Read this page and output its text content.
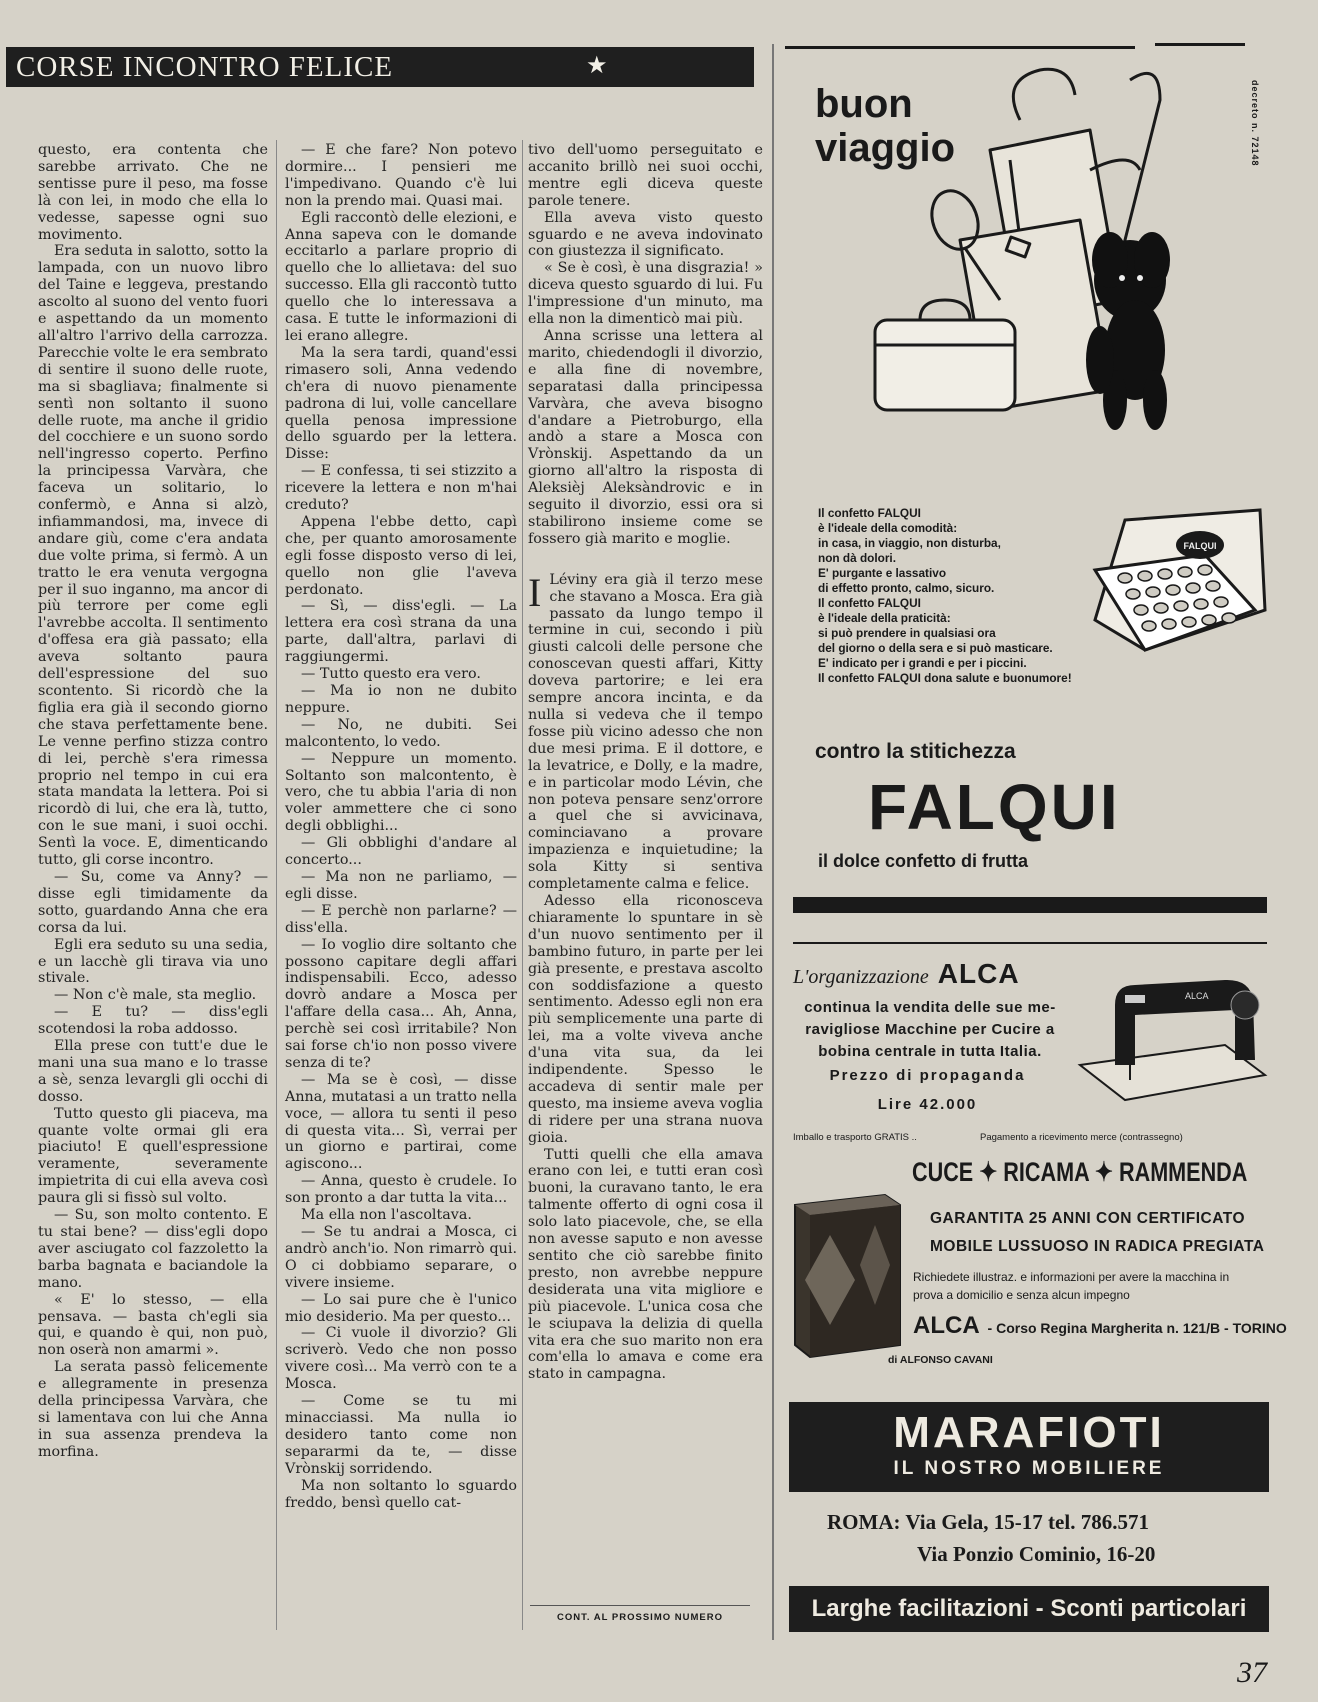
CORSE INCONTRO FELICE	★

questo, era contenta che sarebbe arrivato. Che ne sentisse pure il peso, ma fosse là con lei, in modo che ella lo vedesse, sapesse ogni suo movimento.

Era seduta in salotto, sotto la lampada, con un nuovo libro del Taine e leggeva, prestando ascolto al suono del vento fuori e aspettando da un momento all'altro l'arrivo della carrozza. Parecchie volte le era sembrato di sentire il suono delle ruote, ma si sbagliava; finalmente si sentì non soltanto il suono delle ruote, ma anche il gridio del cocchiere e un suono sordo nell'ingresso coperto. Perfino la principessa Varvàra, che faceva un solitario, lo confermò, e Anna si alzò, infiammandosi, ma, invece di andare giù, come c'era andata due volte prima, si fermò. A un tratto le era venuta vergogna per il suo inganno, ma ancor di più terrore per come egli l'avrebbe accolta. Il sentimento d'offesa era già passato; ella aveva soltanto paura dell'espressione del suo scontento. Si ricordò che la figlia era già il secondo giorno che stava perfettamente bene. Le venne perfino stizza contro di lei, perchè s'era rimessa proprio nel tempo in cui era stata mandata la lettera. Poi si ricordò di lui, che era là, tutto, con le sue mani, i suoi occhi. Sentì la voce. E, dimenticando tutto, gli corse incontro.

— Su, come va Anny? — disse egli timidamente da sotto, guardando Anna che era corsa da lui.

Egli era seduto su una sedia, e un lacchè gli tirava via uno stivale.

— Non c'è male, sta meglio.

— E tu? — diss'egli scotendosi la roba addosso.

Ella prese con tutt'e due le mani una sua mano e lo trasse a sè, senza levargli gli occhi di dosso.

Tutto questo gli piaceva, ma quante volte ormai gli era piaciuto! E quell'espressione veramente, severamente impietrita di cui ella aveva così paura gli si fissò sul volto.

— Su, son molto contento. E tu stai bene? — diss'egli dopo aver asciugato col fazzoletto la barba bagnata e baciandole la mano.

« E' lo stesso, — ella pensava. — basta ch'egli sia qui, e quando è qui, non può, non oserà non amarmi ».

La serata passò felicemente e allegramente in presenza della principessa Varvàra, che si lamentava con lui che Anna in sua assenza prendeva la morfina.

— E che fare? Non potevo dormire... I pensieri me l'impedivano. Quando c'è lui non la prendo mai. Quasi mai.

Egli raccontò delle elezioni, e Anna sapeva con le domande eccitarlo a parlare proprio di quello che lo allietava: del suo successo. Ella gli raccontò tutto quello che lo interessava a casa. E tutte le informazioni di lei erano allegre.

Ma la sera tardi, quand'essi rimasero soli, Anna vedendo ch'era di nuovo pienamente padrona di lui, volle cancellare quella penosa impressione dello sguardo per la lettera. Disse:

— E confessa, ti sei stizzito a ricevere la lettera e non m'hai creduto?

Appena l'ebbe detto, capì che, per quanto amorosamente egli fosse disposto verso di lei, quello non glie l'aveva perdonato.

— Sì, — diss'egli. — La lettera era così strana da una parte, dall'altra, parlavi di raggiungermi.

— Tutto questo era vero.

— Ma io non ne dubito neppure.

— No, ne dubiti. Sei malcontento, lo vedo.

— Neppure un momento. Soltanto son malcontento, è vero, che tu abbia l'aria di non voler ammettere che ci sono degli obblighi...

— Gli obblighi d'andare al concerto...

— Ma non ne parliamo, — egli disse.

— E perchè non parlarne? — diss'ella.

— Io voglio dire soltanto che possono capitare degli affari indispensabili. Ecco, adesso dovrò andare a Mosca per l'affare della casa... Ah, Anna, perchè sei così irritabile? Non sai forse ch'io non posso vivere senza di te?

— Ma se è così, — disse Anna, mutatasi a un tratto nella voce, — allora tu senti il peso di questa vita... Sì, verrai per un giorno e partirai, come agiscono...

— Anna, questo è crudele. Io son pronto a dar tutta la vita...

Ma ella non l'ascoltava.

— Se tu andrai a Mosca, ci andrò anch'io. Non rimarrò qui. O ci dobbiamo separare, o vivere insieme.

— Lo sai pure che è l'unico mio desiderio. Ma per questo...

— Ci vuole il divorzio? Gli scriverò. Vedo che non posso vivere così... Ma verrò con te a Mosca.

— Come se tu mi minacciassi. Ma nulla io desidero tanto come non separarmi da te, — disse Vrònskij sorridendo.

Ma non soltanto lo sguardo freddo, bensì quello cat-

tivo dell'uomo perseguitato e accanito brillò nei suoi occhi, mentre egli diceva queste parole tenere.

Ella aveva visto questo sguardo e ne aveva indovinato con giustezza il significato.

« Se è così, è una disgrazia! » diceva questo sguardo di lui. Fu l'impressione d'un minuto, ma ella non la dimenticò mai più.

Anna scrisse una lettera al marito, chiedendogli il divorzio, e alla fine di novembre, separatasi dalla principessa Varvàra, che aveva bisogno d'andare a Pietroburgo, ella andò a stare a Mosca con Vrònskij. Aspettando da un giorno all'altro la risposta di Aleksièj Aleksàndrovic e in seguito il divorzio, essi ora si stabilirono insieme come se fossero già marito e moglie.

I Léviny era già il terzo mese che stavano a Mosca. Era già passato da lungo tempo il termine in cui, secondo i più giusti calcoli delle persone che conoscevan questi affari, Kitty doveva partorire; e lei era sempre ancora incinta, e da nulla si vedeva che il tempo fosse più vicino adesso che non due mesi prima. E il dottore, e la levatrice, e Dolly, e la madre, e in particolar modo Lévin, che non poteva pensare senz'orrore a quel che si avvicinava, cominciavano a provare impazienza e inquietudine; la sola Kitty si sentiva completamente calma e felice.

Adesso ella riconosceva chiaramente lo spuntare in sè d'un nuovo sentimento per il bambino futuro, in parte per lei già presente, e prestava ascolto con soddisfazione a questo sentimento. Adesso egli non era più semplicemente una parte di lei, ma a volte viveva anche d'una vita sua, da lei indipendente. Spesso le accadeva di sentir male per questo, ma insieme aveva voglia di ridere per una strana nuova gioia.

Tutti quelli che ella amava erano con lei, e tutti eran così buoni, la curavano tanto, le era talmente offerto di ogni cosa il solo lato piacevole, che, se ella non avesse saputo e non avesse sentito che ciò sarebbe finito presto, non avrebbe neppure desiderata una vita migliore e più piacevole. L'unica cosa che le sciupava la delizia di quella vita era che suo marito non era com'ella lo amava e come era stato in campagna.

CONT. AL PROSSIMO NUMERO
decreto n. 72148
buon
viaggio
Il confetto FALQUI
è l'ideale della comodità:
in casa, in viaggio, non disturba,
non dà dolori.
E' purgante e lassativo
di effetto pronto, calmo, sicuro.
Il confetto FALQUI
è l'ideale della praticità:
si può prendere in qualsiasi ora
del giorno o della sera e si può masticare.
E' indicato per i grandi e per i piccini.
Il confetto FALQUI dona salute e buonumore!
FALQUI
contro la stitichezza
FALQUI
il dolce confetto di frutta
L'organizzazione ALCA
continua la vendita delle sue me-
ravigliose Macchine per Cucire a
bobina centrale in tutta Italia.
Prezzo di propaganda
Lire 42.000
ALCA
Imballo e trasporto GRATIS ..	Pagamento a ricevimento merce (contrassegno)
CUCE ✦ RICAMA ✦ RAMMENDA
GARANTITA 25 ANNI CON CERTIFICATO
MOBILE LUSSUOSO IN RADICA PREGIATA
Richiedete illustraz. e informazioni per avere la macchina in prova a domicilio e senza alcun impegno
ALCA - Corso Regina Margherita n. 121/B - TORINO
di ALFONSO CAVANI
MARAFIOTI
IL NOSTRO MOBILIERE
ROMA: Via Gela, 15-17 tel. 786.571
Via Ponzio Cominio, 16-20
Larghe facilitazioni - Sconti particolari
37
